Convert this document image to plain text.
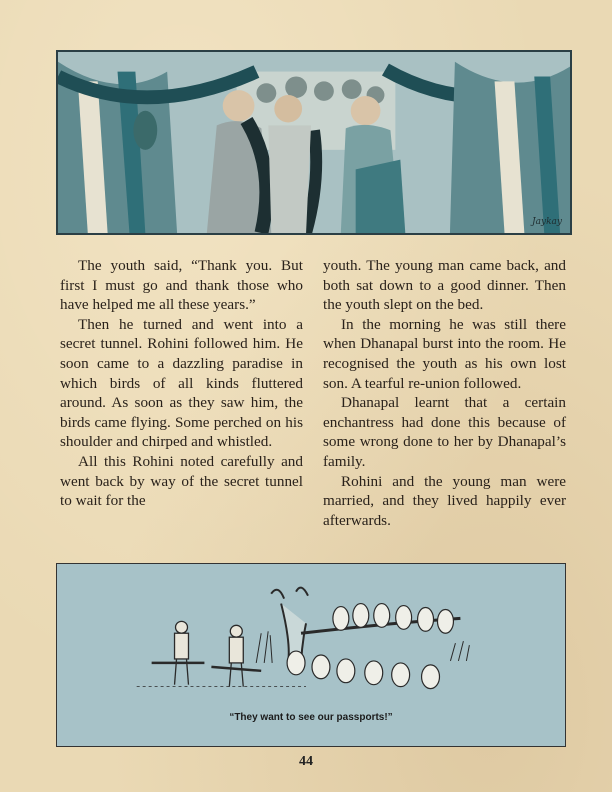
Jaykay

The youth said, “Thank you. But first I must go and thank those who have helped me all these years.”

Then he turned and went into a secret tunnel. Rohini followed him. He soon came to a dazzling paradise in which birds of all kinds fluttered around. As soon as they saw him, the birds came flying. Some perched on his shoulder and chirped and whistled.

All this Rohini noted carefully and went back by way of the secret tunnel to wait for the

youth. The young man came back, and both sat down to a good dinner. Then the youth slept on the bed.

In the morning he was still there when Dhanapal burst into the room. He recognised the youth as his own lost son. A tearful re-union followed.

Dhanapal learnt that a certain enchantress had done this because of some wrong done to her by Dhanapal’s family.

Rohini and the young man were married, and they lived happily ever afterwards.

“They want to see our passports!”
44
